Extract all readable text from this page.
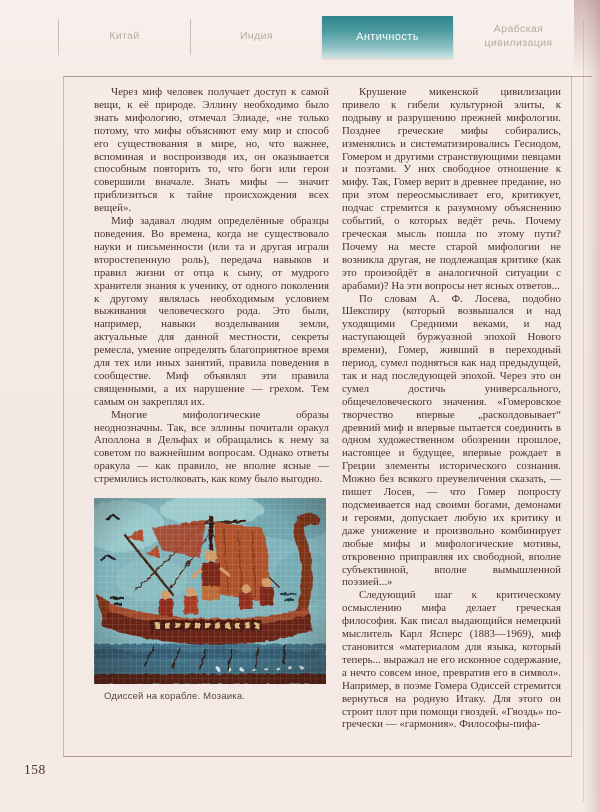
Китай	Индия	Античность
Арабская цивилизация

Через миф человек получает доступ к самой вещи, к её природе. Эллину необходимо было знать мифологию, отмечал Элиаде, «не только потому, что мифы объясняют ему мир и способ его существования в мире, но, что важнее, вспоминая и воспроизводя их, он оказывается способным повторить то, что боги или герои совершили вначале. Знать мифы — значит приблизиться к тайне происхождения всех вещей».

Миф задавал людям определённые образцы поведения. Во времена, когда не существовало науки и письменности (или та и другая играли второстепенную роль), передача навыков и правил жизни от отца к сыну, от мудрого хранителя знания к ученику, от одного поколения к другому являлась необходимым условием выживания человеческого рода. Это были, например, навыки возделывания земли, актуальные для данной местности, секреты ремесла, умение определять благоприятное время для тех или иных занятий, правила поведения в сообществе. Миф объявлял эти правила священными, а их нарушение — грехом. Тем самым он закреплял их.

Многие мифологические образы неоднозначны. Так, все эллины почитали оракул Аполлона в Дельфах и обращались к нему за советом по важнейшим вопросам. Однако ответы оракула — как правило, не вполне ясные — стремились истолковать, как кому было выгодно.

Одиссей на корабле. Мозаика.

Крушение микенской цивилизации привело к гибели культурной элиты, к подрыву и разрушению прежней мифологии. Позднее греческие мифы собирались, изменялись и систематизировались Гесиодом, Гомером и другими странствующими певцами и поэтами. У них свободное отношение к мифу. Так, Гомер верит в древнее предание, но при этом переосмысливает его, критикует, подчас стремится к разумному объяснению событий, о которых ведёт речь. Почему греческая мысль пошла по этому пути? Почему на месте старой мифологии не возникла другая, не подлежащая критике (как это произойдёт в аналогичной ситуации с арабами)? На эти вопросы нет ясных ответов...

По словам А. Ф. Лосева, подобно Шекспиру (который возвышался и над уходящими Средними веками, и над наступающей буржуазной эпохой Нового времени), Гомер, живший в переходный период, сумел подняться как над предыдущей, так и над последующей эпохой. Через это он сумел достичь универсального, общечеловеческого значения. «Гомеровское творчество впервые „расколдовывает“ древний миф и впервые пытается соединить в одном художественном обозрении прошлое, настоящее и будущее, впервые рождает в Греции элементы исторического сознания. Можно без всякого преувеличения сказать, — пишет Лосев, — что Гомер попросту подсмеивается над своими богами, демонами и героями, допускает любую их критику и даже унижение и произвольно комбинирует любые мифы и мифологические мотивы, откровенно приправляя их свободной, вполне субъективной, вполне вымышленной поэзией...»

Следующий шаг к критическому осмыслению мифа делает греческая философия. Как писал выдающийся немецкий мыслитель Карл Ясперс (1883—1969), миф становится «материалом для языка, который теперь... выражал не его исконное содержание, а нечто совсем иное, превратив его в символ». Например, в поэме Гомера Одиссей стремится вернуться на родную Итаку. Для этого он строит плот при помощи гвоздей. «Гвоздь» по-гречески — «гармония». Философы-пифа-

158
